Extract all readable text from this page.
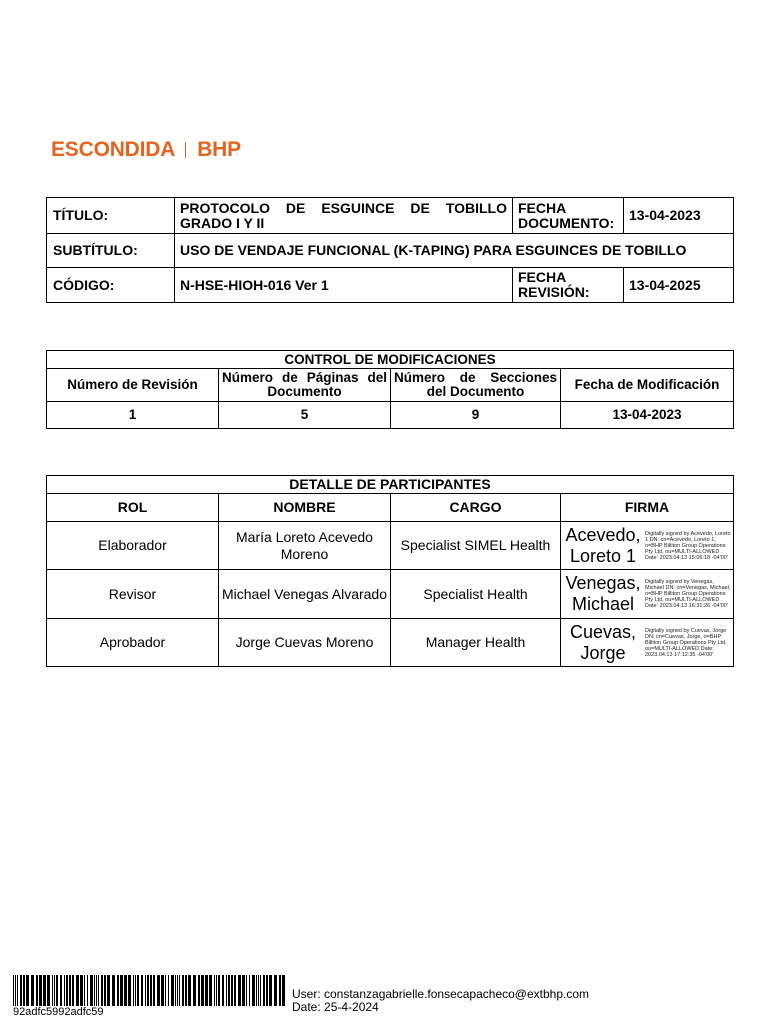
ESCONDIDA BHP
TÍTULO:	PROTOCOLO DE ESGUINCE DE TOBILLO GRADO I Y II	FECHA DOCUMENTO:	13-04-2023
SUBTÍTULO:	USO DE VENDAJE FUNCIONAL (K-TAPING) PARA ESGUINCES DE TOBILLO		
CÓDIGO:	N-HSE-HIOH-016 Ver 1	FECHA REVISIÓN:	13-04-2025
CONTROL DE MODIFICACIONES			
Número de Revisión	Número de Páginas del Documento	Número de Secciones del Documento	Fecha de Modificación
1	5	9	13-04-2023
DETALLE DE PARTICIPANTES			
ROL	NOMBRE	CARGO	FIRMA
Elaborador	María Loreto Acevedo Moreno	Specialist SIMEL Health	Acevedo, Loreto 1
Digitally signed by Acevedo, Loreto 1 DN: cn=Acevedo, Loreto 1, o=BHP Billiton Group Operations Pty Ltd, ou=MULTI-ALLOWED Date: 2023.04.13 15:06:18 -04'00'

Revisor	Michael Venegas Alvarado	Specialist Health	Venegas, Michael
Digitally signed by Venegas, Michael DN: cn=Venegas, Michael, o=BHP Billiton Group Operations Pty Ltd, ou=MULTI-ALLOWED Date: 2023.04.13 16:31:26 -04'00'

Aprobador	Jorge Cuevas Moreno	Manager Health	Cuevas, Jorge
Digitally signed by Cuevas, Jorge DN: cn=Cuevas, Jorge, o=BHP Billiton Group Operations Pty Ltd, ou=MULTI-ALLOWED Date: 2023.04.13 17:12:35 -04'00'
92adfc5992adfc59
User: constanzagabrielle.fonsecapacheco@extbhp.com
Date: 25-4-2024
